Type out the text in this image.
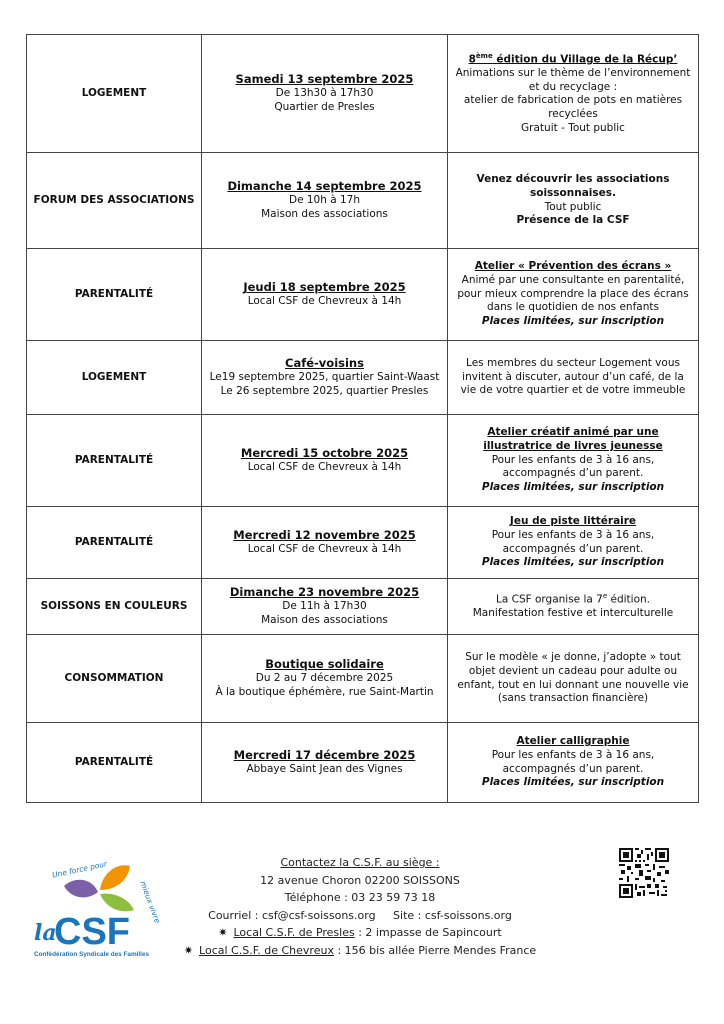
LOGEMENT	Samedi 13 septembre 2025
De 13h30 à 17h30
Quartier de Presles	8ème édition du Village de la Récup’
Animations sur le thème de l’environnement et du recyclage :
atelier de fabrication de pots en matières recyclées
Gratuit - Tout public

FORUM DES ASSOCIATIONS	Dimanche 14 septembre 2025
De 10h à 17h
Maison des associations	Venez découvrir les associations soissonnaises.
Tout public
Présence de la CSF

PARENTALITÉ	Jeudi 18 septembre 2025
Local CSF de Chevreux à 14h	Atelier « Prévention des écrans »
Animé par une consultante en parentalité, pour mieux comprendre la place des écrans dans le quotidien de nos enfants
Places limitées, sur inscription

LOGEMENT	Café-voisins
Le19 septembre 2025, quartier Saint-Waast
Le 26 septembre 2025, quartier Presles	Les membres du secteur Logement vous invitent à discuter, autour d’un café, de la vie de votre quartier et de votre immeuble

PARENTALITÉ	Mercredi 15 octobre 2025
Local CSF de Chevreux à 14h	Atelier créatif animé par une illustratrice de livres jeunesse
Pour les enfants de 3 à 16 ans, accompagnés d’un parent.
Places limitées, sur inscription

PARENTALITÉ	Mercredi 12 novembre 2025
Local CSF de Chevreux à 14h	Jeu de piste littéraire
Pour les enfants de 3 à 16 ans, accompagnés d’un parent.
Places limitées, sur inscription

SOISSONS EN COULEURS	Dimanche 23 novembre 2025
De 11h à 17h30
Maison des associations	La CSF organise la 7e édition.
Manifestation festive et interculturelle

CONSOMMATION	Boutique solidaire
Du 2 au 7 décembre 2025
À la boutique éphémère, rue Saint-Martin	Sur le modèle « je donne, j’adopte » tout objet devient un cadeau pour adulte ou enfant, tout en lui donnant une nouvelle vie (sans transaction financière)

PARENTALITÉ	Mercredi 17 décembre 2025
Abbaye Saint Jean des Vignes	Atelier calligraphie
Pour les enfants de 3 à 16 ans, accompagnés d’un parent.
Places limitées, sur inscription
Une force pour
mieux vivre
la
CSF
Confédération Syndicale des Familles
Contactez la C.S.F. au siège :
12 avenue Choron 02200 SOISSONS
Téléphone : 03 23 59 73 18
Courriel : csf@csf-soissons.org     Site : csf-soissons.org
✷ Local C.S.F. de Presles : 2 impasse de Sapincourt
✷ Local C.S.F. de Chevreux : 156 bis allée Pierre Mendes France
